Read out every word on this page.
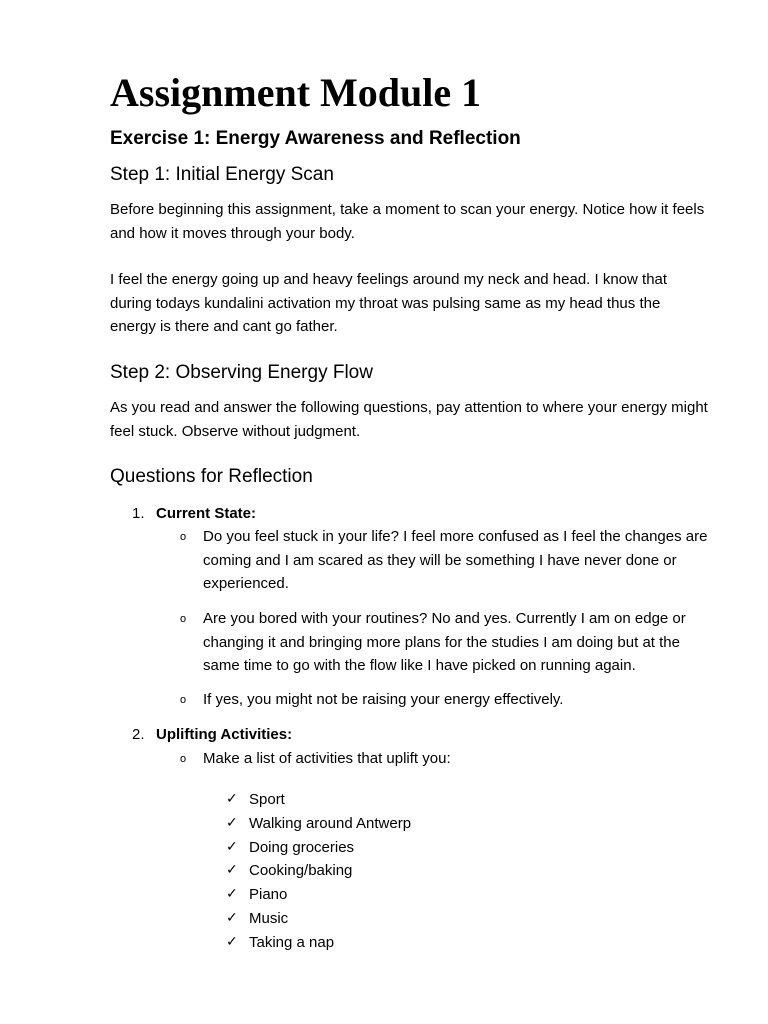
Assignment Module 1
Exercise 1: Energy Awareness and Reflection
Step 1: Initial Energy Scan

Before beginning this assignment, take a moment to scan your energy. Notice how it feels and how it moves through your body.

I feel the energy going up and heavy feelings around my neck and head. I know that during todays kundalini activation my throat was pulsing same as my head thus the energy is there and cant go father.

Step 2: Observing Energy Flow

As you read and answer the following questions, pay attention to where your energy might feel stuck. Observe without judgment.

Questions for Reflection
1. Current State:
o Do you feel stuck in your life? I feel more confused as I feel the changes are coming and I am scared as they will be something I have never done or experienced.

o Are you bored with your routines? No and yes. Currently I am on edge or changing it and bringing more plans for the studies I am doing but at the same time to go with the flow like I have picked on running again.

o If yes, you might not be raising your energy effectively.

2. Uplifting Activities:
o Make a list of activities that uplift you:

✓ Sport
✓ Walking around Antwerp
✓ Doing groceries
✓ Cooking/baking
✓ Piano
✓ Music
✓ Taking a nap
